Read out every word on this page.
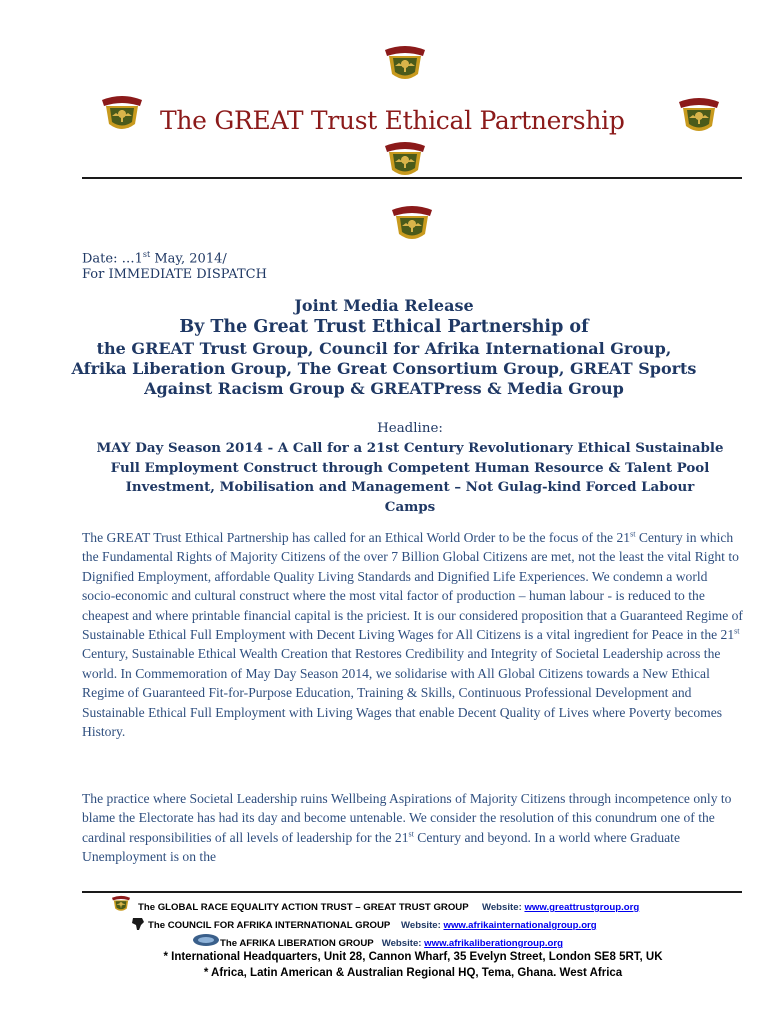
The GREAT Trust Ethical Partnership
Date: …1st May, 2014/
For IMMEDIATE DISPATCH
Joint Media Release
By The Great Trust Ethical Partnership of
the GREAT Trust Group, Council for Afrika International Group,
Afrika Liberation Group, The Great Consortium Group, GREAT Sports
Against Racism Group & GREATPress & Media Group
Headline:
MAY Day Season 2014 - A Call for a 21st Century Revolutionary Ethical Sustainable
Full Employment Construct through Competent Human Resource & Talent Pool
Investment, Mobilisation and Management – Not Gulag-kind Forced Labour
Camps
The GREAT Trust Ethical Partnership has called for an Ethical World Order to be the focus of the 21st Century in which the Fundamental Rights of Majority Citizens of the over 7 Billion Global Citizens are met, not the least the vital Right to Dignified Employment, affordable Quality Living Standards and Dignified Life Experiences. We condemn a world socio-economic and cultural construct where the most vital factor of production – human labour - is reduced to the cheapest and where printable financial capital is the priciest. It is our considered proposition that a Guaranteed Regime of Sustainable Ethical Full Employment with Decent Living Wages for All Citizens is a vital ingredient for Peace in the 21st Century, Sustainable Ethical Wealth Creation that Restores Credibility and Integrity of Societal Leadership across the world. In Commemoration of May Day Season 2014, we solidarise with All Global Citizens towards a New Ethical Regime of Guaranteed Fit-for-Purpose Education, Training & Skills, Continuous Professional Development and Sustainable Ethical Full Employment with Living Wages that enable Decent Quality of Lives where Poverty becomes History.
The practice where Societal Leadership ruins Wellbeing Aspirations of Majority Citizens through incompetence only to blame the Electorate has had its day and become untenable. We consider the resolution of this conundrum one of the cardinal responsibilities of all levels of leadership for the 21st Century and beyond. In a world where Graduate Unemployment is on the
The GLOBAL RACE EQUALITY ACTION TRUST – GREAT TRUST GROUP Website: www.greattrustgroup.org
The COUNCIL FOR AFRIKA INTERNATIONAL GROUP Website: www.afrikainternationalgroup.org
The AFRIKA LIBERATION GROUP Website: www.afrikaliberationgroup.org
* International Headquarters, Unit 28, Cannon Wharf, 35 Evelyn Street, London SE8 5RT, UK
* Africa, Latin American & Australian Regional HQ, Tema, Ghana. West Africa
